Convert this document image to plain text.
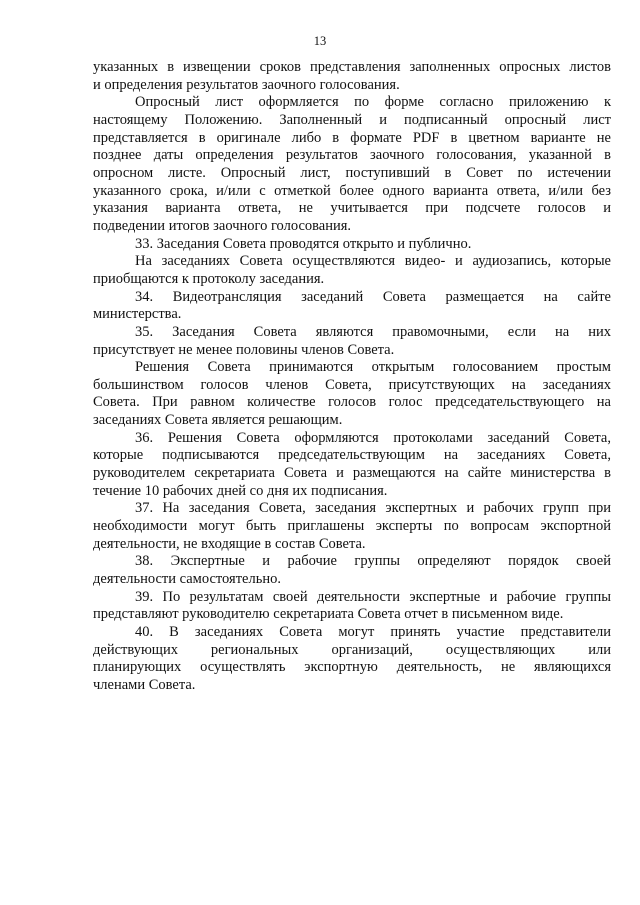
13
указанных в извещении сроков представления заполненных опросных листов
и определения результатов заочного голосования.
Опросный лист оформляется по форме согласно приложению к
настоящему Положению. Заполненный и подписанный опросный лист
представляется в оригинале либо в формате PDF в цветном варианте не
позднее даты определения результатов заочного голосования, указанной в
опросном листе. Опросный лист, поступивший в Совет по истечении
указанного срока, и/или с отметкой более одного варианта ответа, и/или без
указания варианта ответа, не учитывается при подсчете голосов и
подведении итогов заочного голосования.
33. Заседания Совета проводятся открыто и публично.
На заседаниях Совета осуществляются видео- и аудиозапись, которые
приобщаются к протоколу заседания.
34. Видеотрансляция заседаний Совета размещается на сайте
министерства.
35. Заседания Совета являются правомочными, если на них
присутствует не менее половины членов Совета.
Решения Совета принимаются открытым голосованием простым
большинством голосов членов Совета, присутствующих на заседаниях
Совета. При равном количестве голосов голос председательствующего на
заседаниях Совета является решающим.
36. Решения Совета оформляются протоколами заседаний Совета,
которые подписываются председательствующим на заседаниях Совета,
руководителем секретариата Совета и размещаются на сайте министерства в
течение 10 рабочих дней со дня их подписания.
37. На заседания Совета, заседания экспертных и рабочих групп при
необходимости могут быть приглашены эксперты по вопросам экспортной
деятельности, не входящие в состав Совета.
38. Экспертные и рабочие группы определяют порядок своей
деятельности самостоятельно.
39. По результатам своей деятельности экспертные и рабочие группы
представляют руководителю секретариата Совета отчет в письменном виде.
40. В заседаниях Совета могут принять участие представители
действующих региональных организаций, осуществляющих или
планирующих осуществлять экспортную деятельность, не являющихся
членами Совета.
